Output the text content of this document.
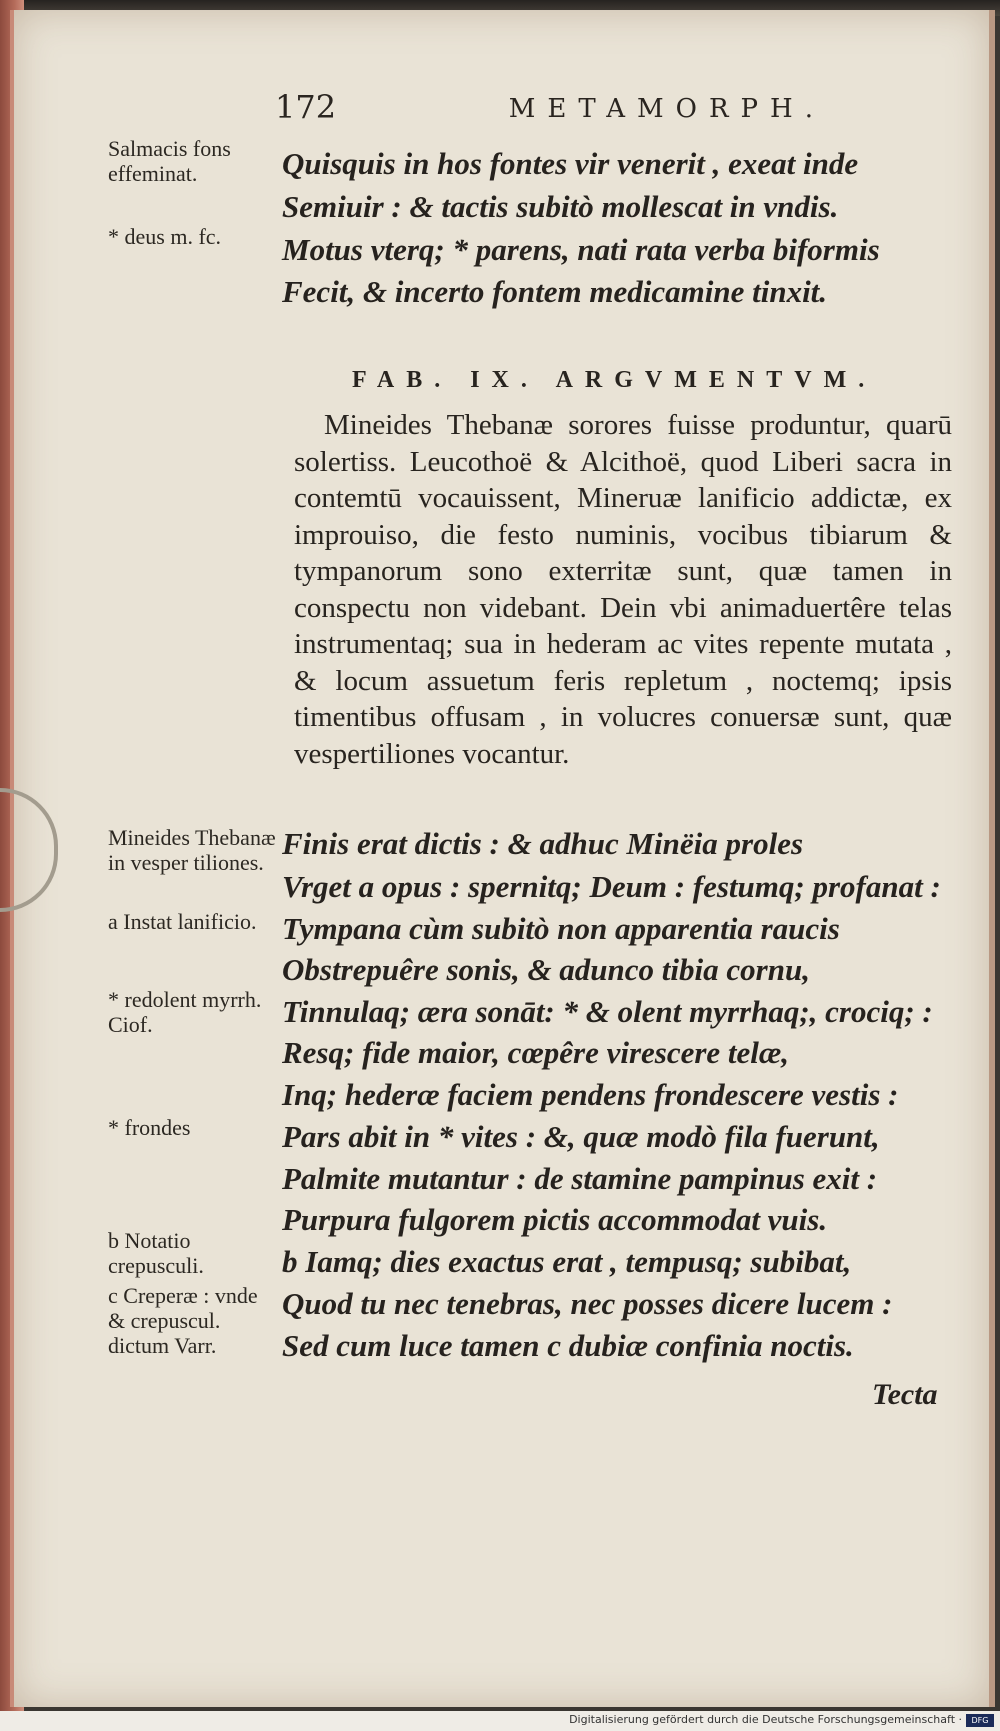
172	METAMORPH.
Salmacis fons effeminat.
* deus m. fc.
Quisquis in hos fontes vir venerit , exeat inde
Semiuir : & tactis subitò mollescat in vndis.
Motus vterq; * parens, nati rata verba biformis
Fecit, & incerto fontem medicamine tinxit.
FAB. IX. ARGVMENTVM.
Mineides Thebanæ sorores fuisse produntur, quarū solertiss. Leucothoë & Alcithoë, quod Liberi sacra in contemtū vocauissent, Mineruæ lanificio addictæ, ex improuiso, die festo numinis, vocibus tibiarum & tympanorum sono exterritæ sunt, quæ tamen in conspectu non videbant. Dein vbi animaduertêre telas instrumentaq; sua in hederam ac vites repente mutata , & locum assuetum feris repletum , noctemq; ipsis timentibus offusam , in volucres conuersæ sunt, quæ vespertiliones vocantur.
Mineides Thebanæ in vesper tiliones.
a Instat lanificio.
* redolent myrrh. Ciof.
* frondes
b Notatio crepusculi.
c Creperæ : vnde & crepuscul. dictum Varr.
Finis erat dictis : & adhuc Minëia proles
Vrget a opus : spernitq; Deum : festumq; profanat :
Tympana cùm subitò non apparentia raucis
Obstrepuêre sonis, & adunco tibia cornu,
Tinnulaq; æra sonāt: * & olent myrrhaq;, crociq; :
Resq; fide maior, cœpêre virescere telæ,
Inq; hederæ faciem pendens frondescere vestis :
Pars abit in * vites : &, quæ modò fila fuerunt,
Palmite mutantur : de stamine pampinus exit :
Purpura fulgorem pictis accommodat vuis.
b Iamq; dies exactus erat , tempusq; subibat,
Quod tu nec tenebras, nec posses dicere lucem :
Sed cum luce tamen c dubiæ confinia noctis.
Tecta
Digitalisierung gefördert durch die Deutsche Forschungsgemeinschaft ·	DFG
